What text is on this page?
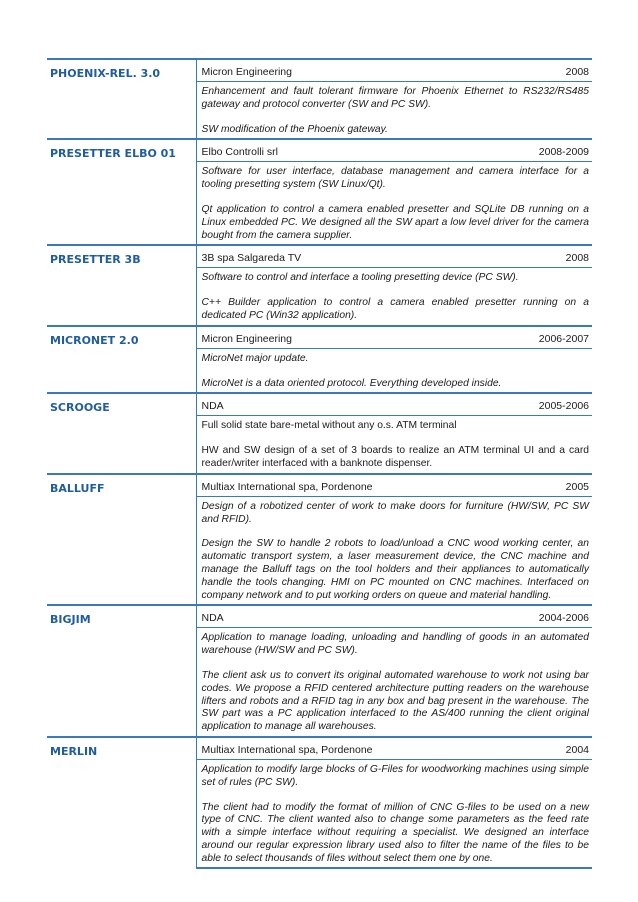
PHOENIX-REL. 3.0	Micron Engineering 2008

	Enhancement and fault tolerant firmware for Phoenix Ethernet to RS232/RS485 gateway and protocol converter (SW and PC SW).

SW modification of the Phoenix gateway.

PRESETTER ELBO 01	Elbo Controlli srl 2008-2009

	Software for user interface, database management and camera interface for a tooling presetting system (SW Linux/Qt).

Qt application to control a camera enabled presetter and SQLite DB running on a Linux embedded PC. We designed all the SW apart a low level driver for the camera bought from the camera supplier.

PRESETTER 3B	3B spa Salgareda TV 2008

	Software to control and interface a tooling presetting device (PC SW).

C++ Builder application to control a camera enabled presetter running on a dedicated PC (Win32 application).

MICRONET 2.0	Micron Engineering 2006-2007

	MicroNet major update.

MicroNet is a data oriented protocol. Everything developed inside.

SCROOGE	NDA 2005-2006

	Full solid state bare-metal without any o.s. ATM terminal

HW and SW design of a set of 3 boards to realize an ATM terminal UI and a card reader/writer interfaced with a banknote dispenser.

BALLUFF	Multiax International spa, Pordenone 2005

	Design of a robotized center of work to make doors for furniture (HW/SW, PC SW and RFID).

Design the SW to handle 2 robots to load/unload a CNC wood working center, an automatic transport system, a laser measurement device, the CNC machine and manage the Balluff tags on the tool holders and their appliances to automatically handle the tools changing. HMI on PC mounted on CNC machines. Interfaced on company network and to put working orders on queue and material handling.

BIGJIM	NDA 2004-2006

	Application to manage loading, unloading and handling of goods in an automated warehouse (HW/SW and PC SW).

The client ask us to convert its original automated warehouse to work not using bar codes. We propose a RFID centered architecture putting readers on the warehouse lifters and robots and a RFID tag in any box and bag present in the warehouse. The SW part was a PC application interfaced to the AS/400 running the client original application to manage all warehouses.

MERLIN	Multiax International spa, Pordenone 2004

	Application to modify large blocks of G-Files for woodworking machines using simple set of rules (PC SW).

The client had to modify the format of million of CNC G-files to be used on a new type of CNC. The client wanted also to change some parameters as the feed rate with a simple interface without requiring a specialist. We designed an interface around our regular expression library used also to filter the name of the files to be able to select thousands of files without select them one by one.
